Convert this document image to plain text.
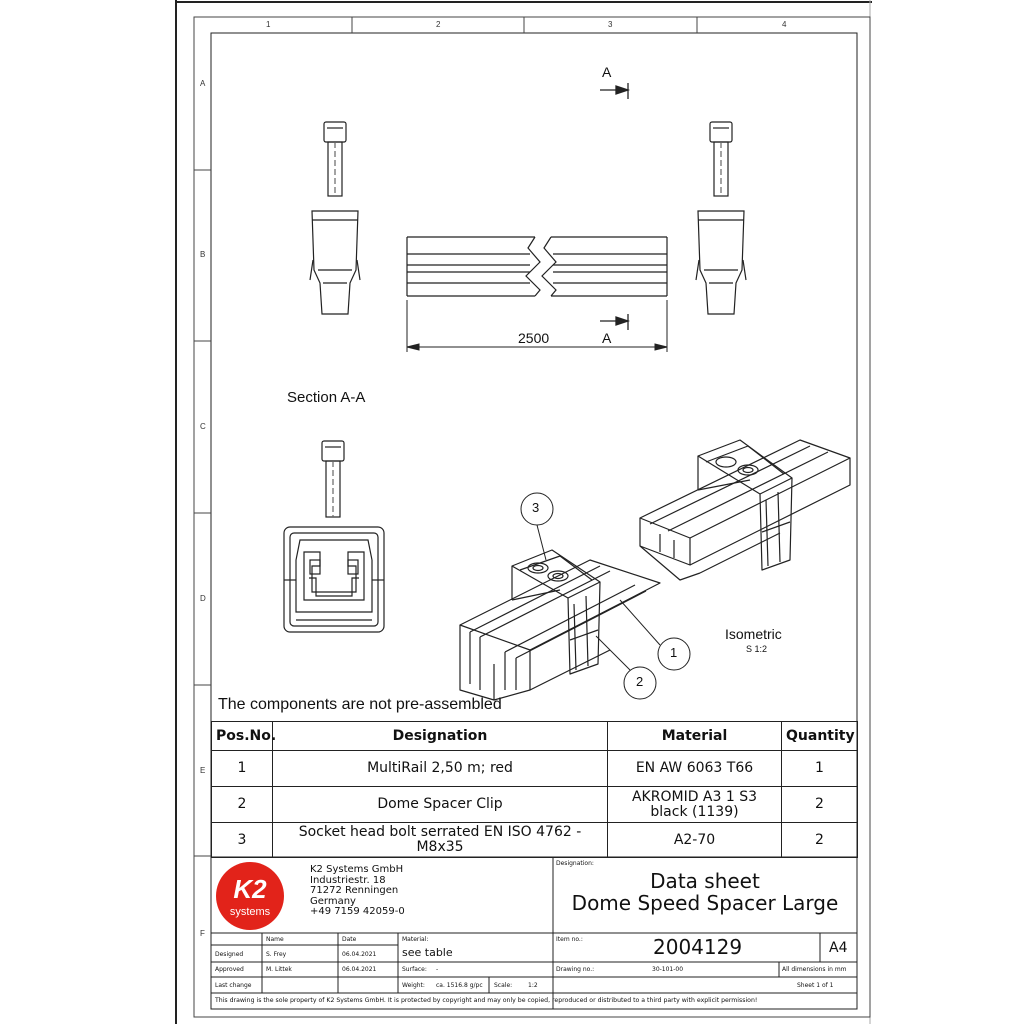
1	2	3	4
A
B
C
D
E
F
2500
A
A
Section A-A
Isometric
S 1:2
3
1
2
The components are not pre-assembled
Pos.No.	Designation	Material	Quantity
1	MultiRail 2,50 m; red	EN AW 6063 T66	1
2	Dome Spacer Clip	AKROMID A3 1 S3 black (1139)	2
3	Socket head bolt serrated EN ISO 4762 - M8x35	A2-70	2
K2
systems
K2 Systems GmbH
Industriestr. 18
71272 Renningen
Germany
+49 7159 42059-0
Designation:
Data sheet
Dome Speed Spacer Large
Name	Date	Material:
see table
Item no.:	2004129	A4
Designed	S. Frey	06.04.2021
Approved	M. Littek	06.04.2021	Surface: -	Drawing no.:	30-101-00	All dimensions in mm
Last change	Weight: ca. 1516.8 g/pc Scale:	1:2	Sheet 1 of 1
This drawing is the sole property of K2 Systems GmbH. It is protected by copyright and may only be copied, reproduced or distributed to a third party with explicit permission!
